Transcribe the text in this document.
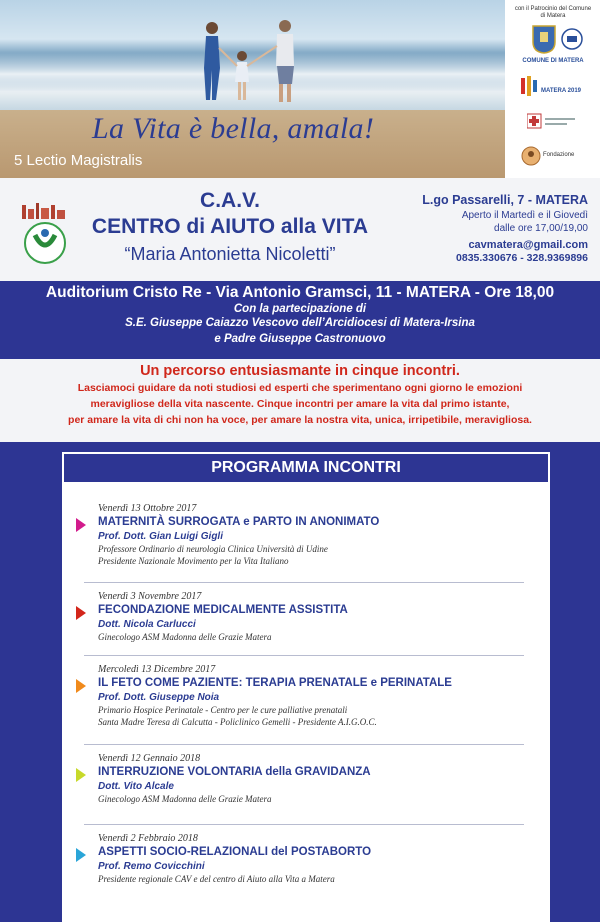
La Vita è bella, amala!
5 Lectio Magistralis
con il Patrocinio del Comune di Matera
COMUNE DI MATERA
MATERA 2019
Fondazione
C.A.V.
CENTRO di AIUTO alla VITA
“Maria Antonietta Nicoletti”
L.go Passarelli, 7 - MATERA
Aperto il Martedì e il Giovedì
dalle ore 17,00/19,00
cavmatera@gmail.com
0835.330676 - 328.9369896
Auditorium Cristo Re - Via Antonio Gramsci, 11 - MATERA - Ore 18,00
Con la partecipazione di
S.E. Giuseppe Caiazzo Vescovo dell’Arcidiocesi di Matera-Irsina
e Padre Giuseppe Castronuovo
Un percorso entusiasmante in cinque incontri.
Lasciamoci guidare da noti studiosi ed esperti che sperimentano ogni giorno le emozioni
meravigliose della vita nascente. Cinque incontri per amare la vita dal primo istante,
per amare la vita di chi non ha voce, per amare la nostra vita, unica, irripetibile, meravigliosa.
PROGRAMMA INCONTRI
Venerdì 13 Ottobre 2017
MATERNITÀ SURROGATA e PARTO IN ANONIMATO
Prof. Dott. Gian Luigi Gigli
Professore Ordinario di neurologia Clinica Università di Udine
Presidente Nazionale Movimento per la Vita Italiano
Venerdì 3 Novembre 2017
FECONDAZIONE MEDICALMENTE ASSISTITA
Dott. Nicola Carlucci
Ginecologo ASM Madonna delle Grazie Matera
Mercoledì 13 Dicembre 2017
IL FETO COME PAZIENTE: TERAPIA PRENATALE e PERINATALE
Prof. Dott. Giuseppe Noia
Primario Hospice Perinatale - Centro per le cure palliative prenatali
Santa Madre Teresa di Calcutta - Policlinico Gemelli - Presidente A.I.G.O.C.
Venerdì 12 Gennaio 2018
INTERRUZIONE VOLONTARIA della GRAVIDANZA
Dott. Vito Alcale
Ginecologo ASM Madonna delle Grazie Matera
Venerdì 2 Febbraio 2018
ASPETTI SOCIO-RELAZIONALI del POSTABORTO
Prof. Remo Covicchini
Presidente regionale CAV e del centro di Aiuto alla Vita a Matera
